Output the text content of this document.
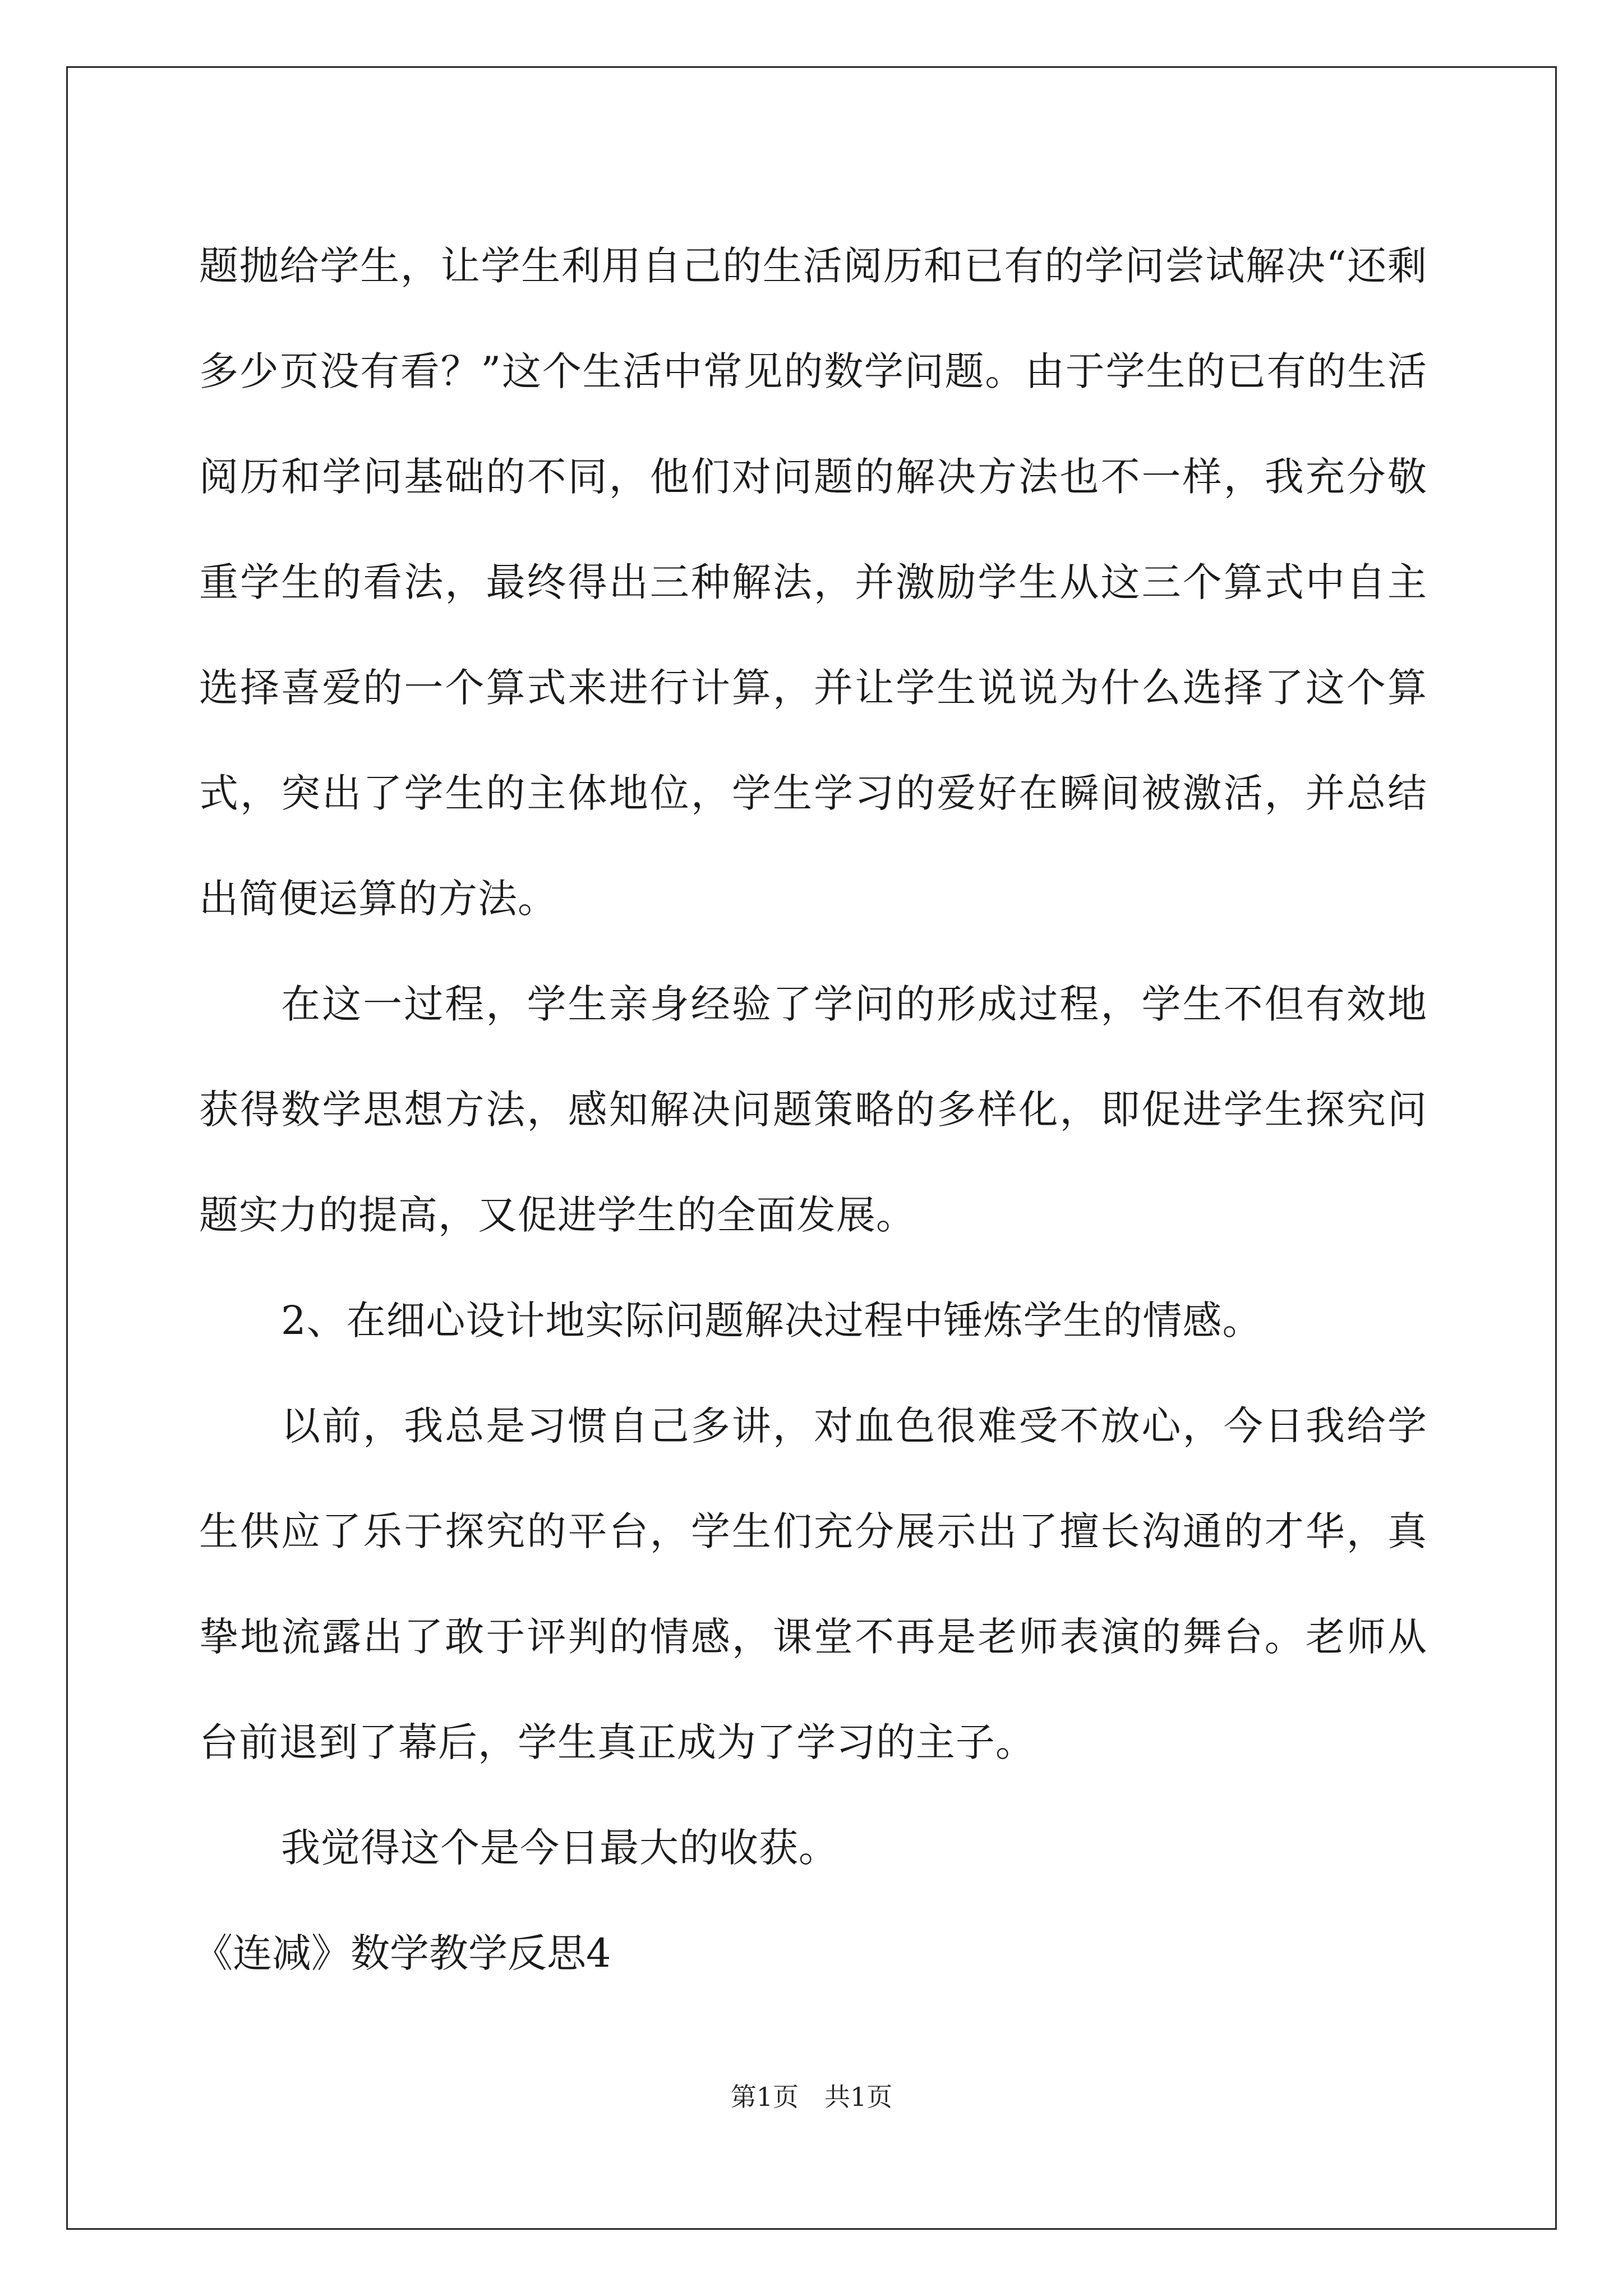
题抛给学生，让学生利用自己的生活阅历和已有的学问尝试解决“还剩多少页没有看？”这个生活中常见的数学问题。由于学生的已有的生活阅历和学问基础的不同，他们对问题的解决方法也不一样，我充分敬重学生的看法，最终得出三种解法，并激励学生从这三个算式中自主选择喜爱的一个算式来进行计算，并让学生说说为什么选择了这个算式，突出了学生的主体地位，学生学习的爱好在瞬间被激活，并总结出简便运算的方法。

在这一过程，学生亲身经验了学问的形成过程，学生不但有效地获得数学思想方法，感知解决问题策略的多样化，即促进学生探究问题实力的提高，又促进学生的全面发展。

2、在细心设计地实际问题解决过程中锤炼学生的情感。

以前，我总是习惯自己多讲，对血色很难受不放心，今日我给学生供应了乐于探究的平台，学生们充分展示出了擅长沟通的才华，真挚地流露出了敢于评判的情感，课堂不再是老师表演的舞台。老师从台前退到了幕后，学生真正成为了学习的主子。

我觉得这个是今日最大的收获。

《连减》数学教学反思4

第1页　共1页
